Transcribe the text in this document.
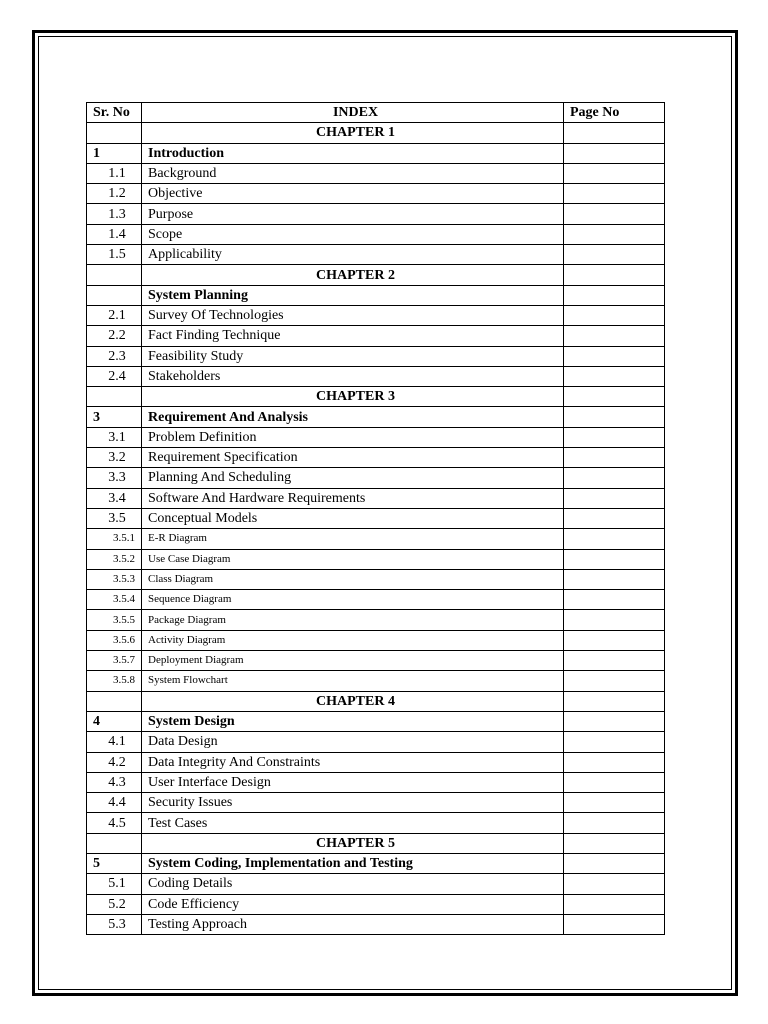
Sr. No	INDEX	Page No
	CHAPTER 1	
1	Introduction	
1.1	Background	
1.2	Objective	
1.3	Purpose	
1.4	Scope	
1.5	Applicability	
	CHAPTER 2	
	System Planning	
2.1	Survey Of Technologies	
2.2	Fact Finding Technique	
2.3	Feasibility Study	
2.4	Stakeholders	
	CHAPTER 3	
3	Requirement And Analysis	
3.1	Problem Definition	
3.2	Requirement Specification	
3.3	Planning And Scheduling	
3.4	Software And Hardware Requirements	
3.5	Conceptual Models	
3.5.1	E-R Diagram	
3.5.2	Use Case Diagram	
3.5.3	Class Diagram	
3.5.4	Sequence Diagram	
3.5.5	Package Diagram	
3.5.6	Activity Diagram	
3.5.7	Deployment Diagram	
3.5.8	System Flowchart	
	CHAPTER 4	
4	System Design	
4.1	Data Design	
4.2	Data Integrity And Constraints	
4.3	User Interface Design	
4.4	Security Issues	
4.5	Test Cases	
	CHAPTER 5	
5	System Coding, Implementation and Testing	
5.1	Coding Details	
5.2	Code Efficiency	
5.3	Testing Approach	
